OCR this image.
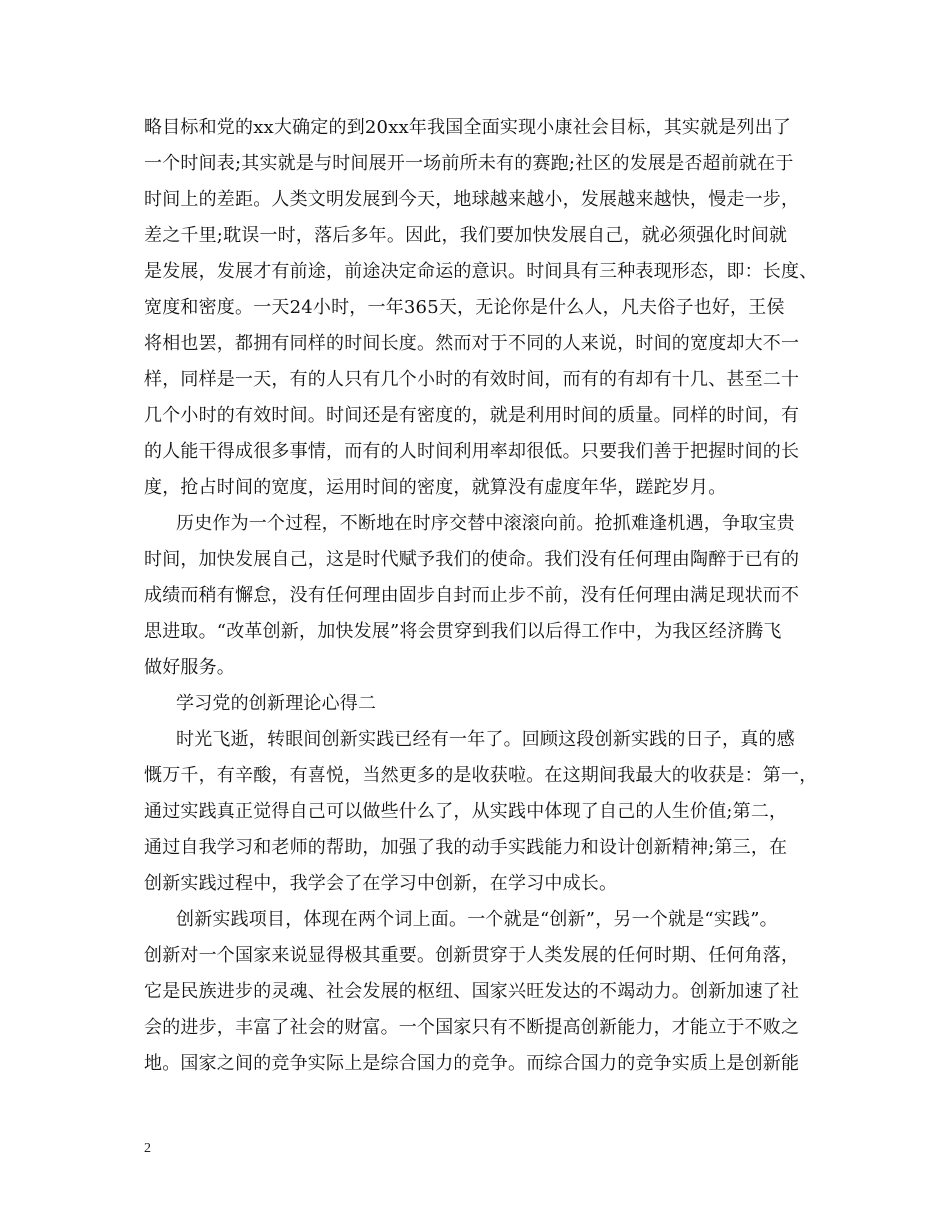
略目标和党的xx大确定的到20xx年我国全面实现小康社会目标，其实就是列出了
一个时间表;其实就是与时间展开一场前所未有的赛跑;社区的发展是否超前就在于
时间上的差距。人类文明发展到今天，地球越来越小，发展越来越快，慢走一步，
差之千里;耽误一时，落后多年。因此，我们要加快发展自己，就必须强化时间就
是发展，发展才有前途，前途决定命运的意识。时间具有三种表现形态，即：长度、
宽度和密度。一天24小时，一年365天，无论你是什么人，凡夫俗子也好，王侯
将相也罢，都拥有同样的时间长度。然而对于不同的人来说，时间的宽度却大不一
样，同样是一天，有的人只有几个小时的有效时间，而有的有却有十几、甚至二十
几个小时的有效时间。时间还是有密度的，就是利用时间的质量。同样的时间，有
的人能干得成很多事情，而有的人时间利用率却很低。只要我们善于把握时间的长
度，抢占时间的宽度，运用时间的密度，就算没有虚度年华，蹉跎岁月。
历史作为一个过程，不断地在时序交替中滚滚向前。抢抓难逢机遇，争取宝贵
时间，加快发展自己，这是时代赋予我们的使命。我们没有任何理由陶醉于已有的
成绩而稍有懈怠，没有任何理由固步自封而止步不前，没有任何理由满足现状而不
思进取。“改革创新，加快发展”将会贯穿到我们以后得工作中，为我区经济腾飞
做好服务。
学习党的创新理论心得二
时光飞逝，转眼间创新实践已经有一年了。回顾这段创新实践的日子，真的感
慨万千，有辛酸，有喜悦，当然更多的是收获啦。在这期间我最大的收获是：第一，
通过实践真正觉得自己可以做些什么了，从实践中体现了自己的人生价值;第二，
通过自我学习和老师的帮助，加强了我的动手实践能力和设计创新精神;第三，在
创新实践过程中，我学会了在学习中创新，在学习中成长。
创新实践项目，体现在两个词上面。一个就是“创新”，另一个就是“实践”。
创新对一个国家来说显得极其重要。创新贯穿于人类发展的任何时期、任何角落，
它是民族进步的灵魂、社会发展的枢纽、国家兴旺发达的不竭动力。创新加速了社
会的进步，丰富了社会的财富。一个国家只有不断提高创新能力，才能立于不败之
地。国家之间的竞争实际上是综合国力的竞争。而综合国力的竞争实质上是创新能
2
